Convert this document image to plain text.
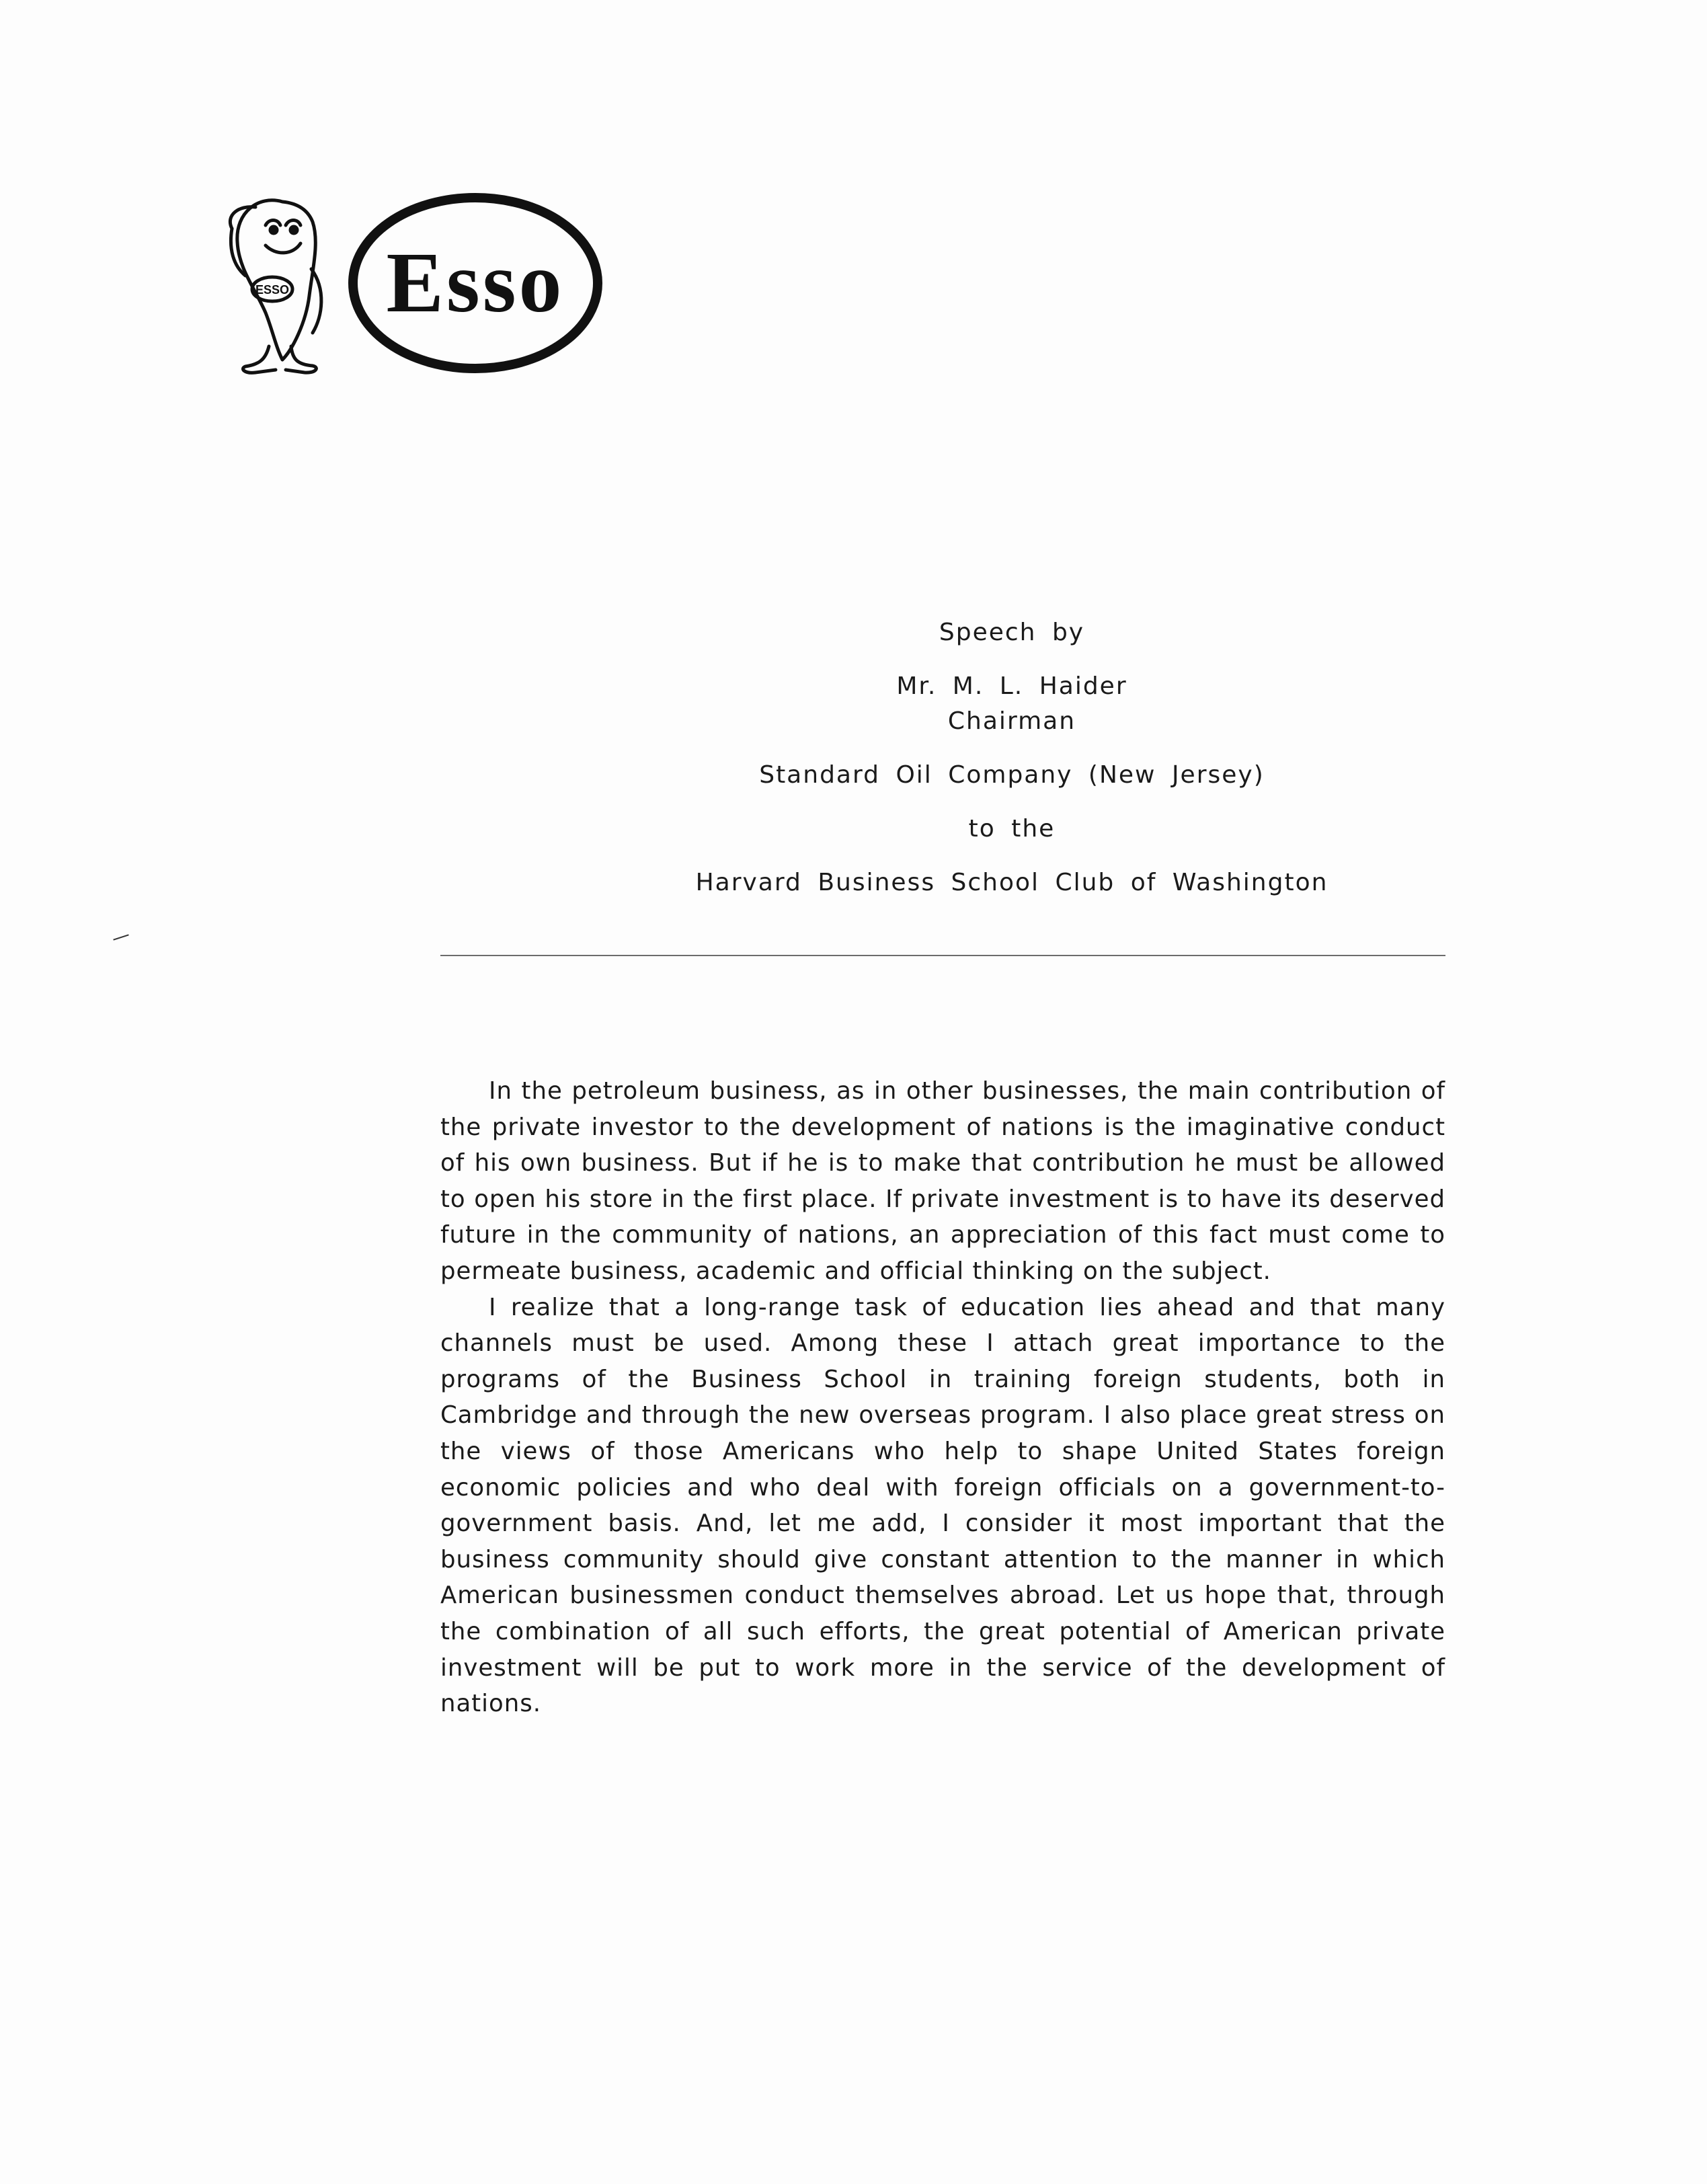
ESSO Esso
Speech by
Mr. M. L. Haider
Chairman
Standard Oil Company (New Jersey)
to the
Harvard Business School Club of Washington

In the petroleum business, as in other businesses, the main contribution of the private investor to the development of nations is the imaginative conduct of his own business. But if he is to make that contribution he must be allowed to open his store in the first place. If private investment is to have its deserved future in the community of nations, an appreciation of this fact must come to permeate business, academic and official thinking on the subject.

I realize that a long-range task of education lies ahead and that many channels must be used. Among these I attach great importance to the programs of the Business School in training foreign students, both in Cambridge and through the new overseas program. I also place great stress on the views of those Americans who help to shape United States foreign economic policies and who deal with foreign officials on a government-to-government basis. And, let me add, I consider it most important that the business community should give constant attention to the manner in which American businessmen conduct themselves abroad. Let us hope that, through the combination of all such efforts, the great potential of American private investment will be put to work more in the service of the development of nations.
